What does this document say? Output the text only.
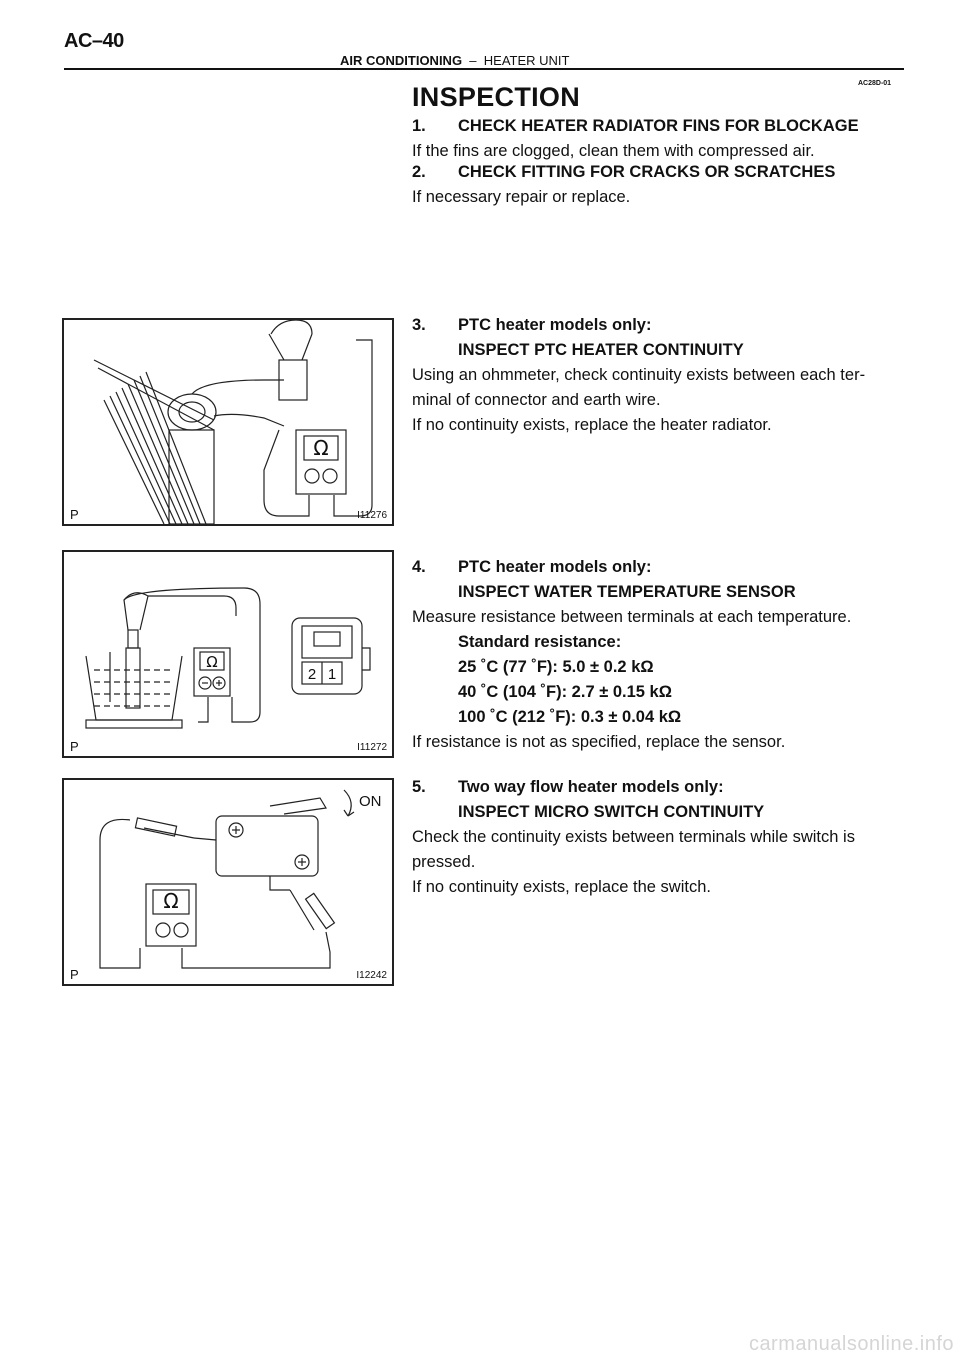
AC–40
AIR CONDITIONING – HEATER UNIT
AC28D-01
INSPECTION
1. CHECK HEATER RADIATOR FINS FOR BLOCKAGE
If the fins are clogged, clean them with compressed air.
2. CHECK FITTING FOR CRACKS OR SCRATCHES
If necessary repair or replace.
3. PTC heater models only:
INSPECT PTC HEATER CONTINUITY
Using an ohmmeter, check continuity exists between each ter-
minal of connector and earth wire.
If no continuity exists, replace the heater radiator.
4. PTC heater models only:
INSPECT WATER TEMPERATURE SENSOR
Measure resistance between terminals at each temperature.
Standard resistance:
25 ˚C (77 ˚F): 5.0 ± 0.2 kΩ
40 ˚C (104 ˚F): 2.7 ± 0.15 kΩ
100 ˚C (212 ˚F): 0.3 ± 0.04 kΩ
If resistance is not as specified, replace the sensor.
5. Two way flow heater models only:
INSPECT MICRO SWITCH CONTINUITY
Check the continuity exists between terminals while switch is
pressed.
If no continuity exists, replace the switch.
Ω
P	I11276
Ω
2 1
P	I11272
Ω
ON
P	I12242
carmanualsonline.info
